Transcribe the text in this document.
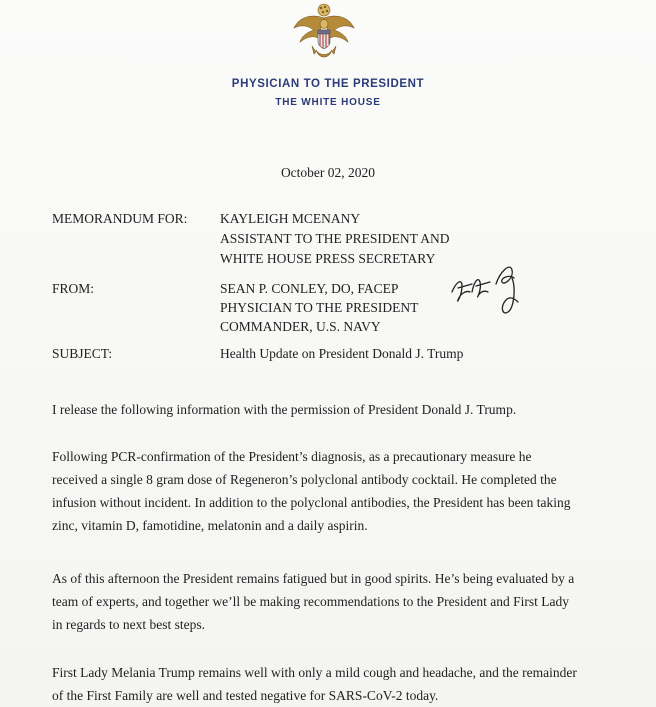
PHYSICIAN TO THE PRESIDENT
THE WHITE HOUSE
October 02, 2020
MEMORANDUM FOR: KAYLEIGH MCENANY
ASSISTANT TO THE PRESIDENT AND
WHITE HOUSE PRESS SECRETARY
FROM:	SEAN P. CONLEY, DO, FACEP
PHYSICIAN TO THE PRESIDENT
COMMANDER, U.S. NAVY
SUBJECT:	Health Update on President Donald J. Trump
I release the following information with the permission of President Donald J. Trump.
Following PCR-confirmation of the President’s diagnosis, as a precautionary measure he
received a single 8 gram dose of Regeneron’s polyclonal antibody cocktail. He completed the
infusion without incident. In addition to the polyclonal antibodies, the President has been taking
zinc, vitamin D, famotidine, melatonin and a daily aspirin.
As of this afternoon the President remains fatigued but in good spirits. He’s being evaluated by a
team of experts, and together we’ll be making recommendations to the President and First Lady
in regards to next best steps.
First Lady Melania Trump remains well with only a mild cough and headache, and the remainder
of the First Family are well and tested negative for SARS-CoV-2 today.
